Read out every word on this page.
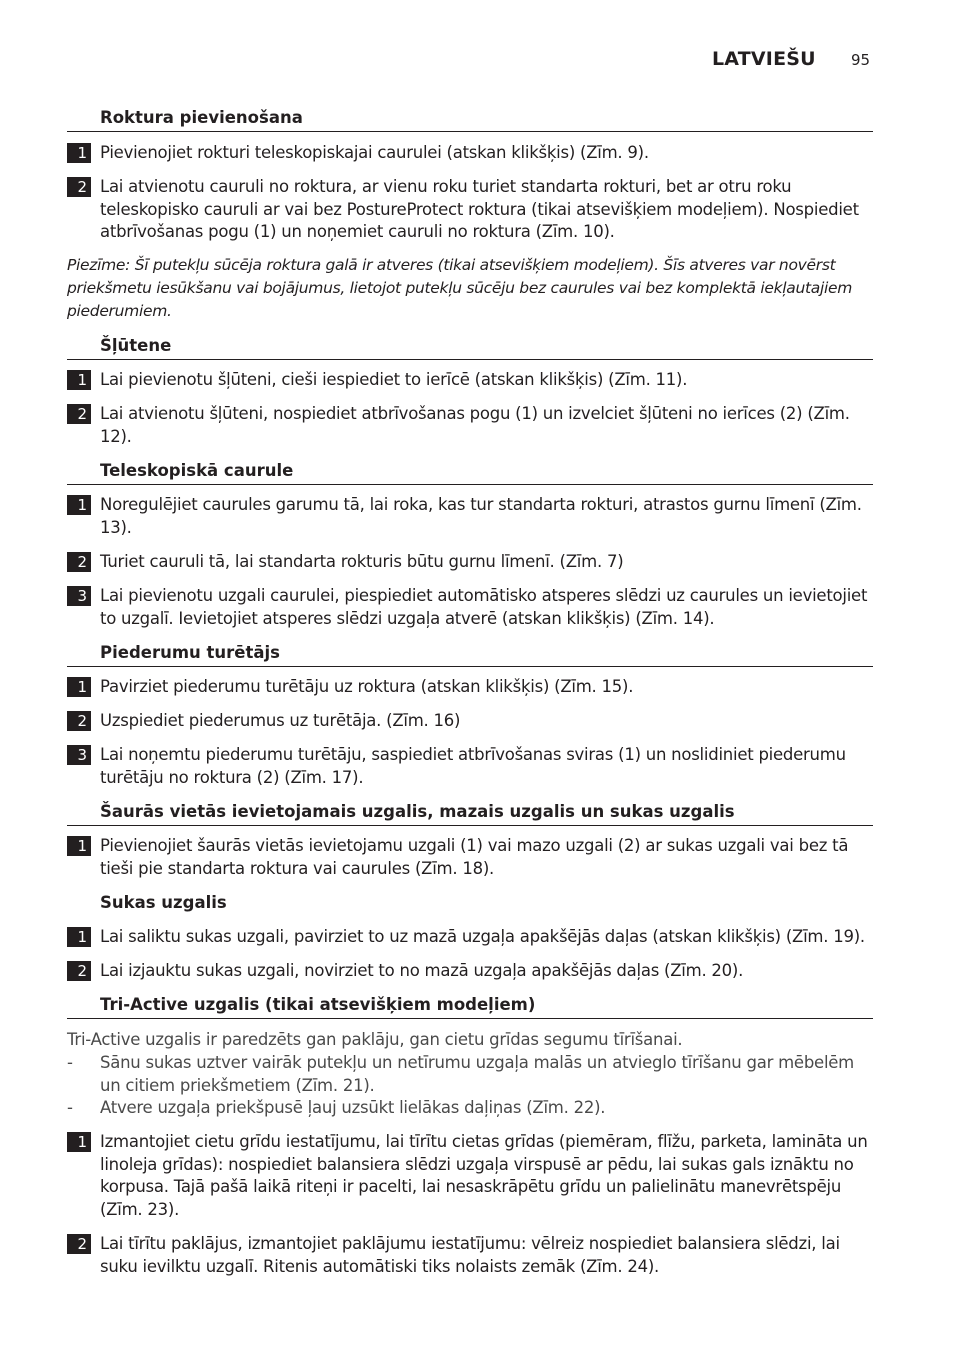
LATVIEŠU 95
Roktura pievienošana
1 Pievienojiet rokturi teleskopiskajai caurulei (atskan klikšķis) (Zīm. 9).
2 Lai atvienotu cauruli no roktura, ar vienu roku turiet standarta rokturi, bet ar otru roku teleskopisko cauruli ar vai bez PostureProtect roktura (tikai atsevišķiem modeļiem). Nospiediet atbrīvošanas pogu (1) un noņemiet cauruli no roktura (Zīm. 10).
Piezīme: Šī putekļu sūcēja roktura galā ir atveres (tikai atsevišķiem modeļiem). Šīs atveres var novērst priekšmetu iesūkšanu vai bojājumus, lietojot putekļu sūcēju bez caurules vai bez komplektā iekļautajiem piederumiem.
Šļūtene
1 Lai pievienotu šļūteni, cieši iespiediet to ierīcē (atskan klikšķis) (Zīm. 11).
2 Lai atvienotu šļūteni, nospiediet atbrīvošanas pogu (1) un izvelciet šļūteni no ierīces (2) (Zīm. 12).
Teleskopiskā caurule
1 Noregulējiet caurules garumu tā, lai roka, kas tur standarta rokturi, atrastos gurnu līmenī (Zīm. 13).
2 Turiet cauruli tā, lai standarta rokturis būtu gurnu līmenī. (Zīm. 7)
3 Lai pievienotu uzgali caurulei, piespiediet automātisko atsperes slēdzi uz caurules un ievietojiet to uzgalī. Ievietojiet atsperes slēdzi uzgaļa atverē (atskan klikšķis) (Zīm. 14).
Piederumu turētājs
1 Pavirziet piederumu turētāju uz roktura (atskan klikšķis) (Zīm. 15).
2 Uzspiediet piederumus uz turētāja. (Zīm. 16)
3 Lai noņemtu piederumu turētāju, saspiediet atbrīvošanas sviras (1) un noslidiniet piederumu turētāju no roktura (2) (Zīm. 17).
Šaurās vietās ievietojamais uzgalis, mazais uzgalis un sukas uzgalis
1 Pievienojiet šaurās vietās ievietojamu uzgali (1) vai mazo uzgali (2) ar sukas uzgali vai bez tā tieši pie standarta roktura vai caurules (Zīm. 18).
Sukas uzgalis
1 Lai saliktu sukas uzgali, pavirziet to uz mazā uzgaļa apakšējās daļas (atskan klikšķis) (Zīm. 19).
2 Lai izjauktu sukas uzgali, novirziet to no mazā uzgaļa apakšējās daļas (Zīm. 20).
Tri-Active uzgalis (tikai atsevišķiem modeļiem)
Tri-Active uzgalis ir paredzēts gan paklāju, gan cietu grīdas segumu tīrīšanai.
- Sānu sukas uztver vairāk putekļu un netīrumu uzgaļa malās un atvieglo tīrīšanu gar mēbelēm un citiem priekšmetiem (Zīm. 21).
- Atvere uzgaļa priekšpusē ļauj uzsūkt lielākas daļiņas (Zīm. 22).
1 Izmantojiet cietu grīdu iestatījumu, lai tīrītu cietas grīdas (piemēram, flīžu, parketa, lamināta un linoleja grīdas): nospiediet balansiera slēdzi uzgaļa virspusē ar pēdu, lai sukas gals iznāktu no korpusa. Tajā pašā laikā riteņi ir pacelti, lai nesaskrāpētu grīdu un palielinātu manevrētspēju (Zīm. 23).
2 Lai tīrītu paklājus, izmantojiet paklājumu iestatījumu: vēlreiz nospiediet balansiera slēdzi, lai suku ievilktu uzgalī. Ritenis automātiski tiks nolaists zemāk (Zīm. 24).
